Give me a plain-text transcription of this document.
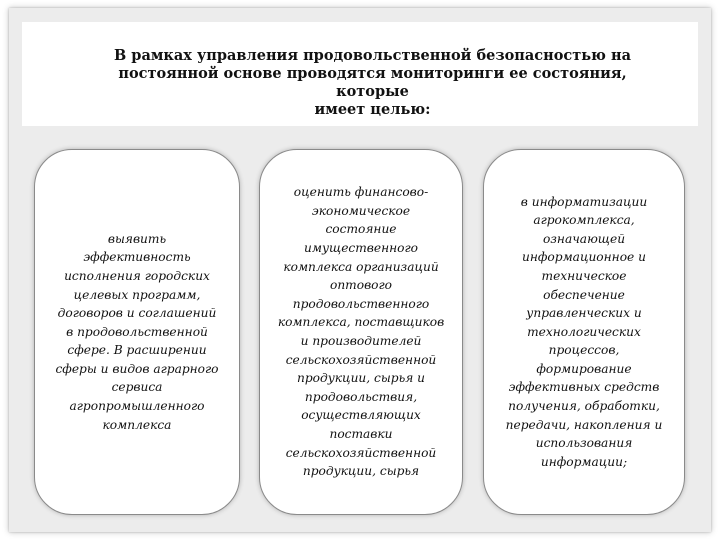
В рамках управления продовольственной безопасностью на
постоянной основе проводятся мониторинги ее состояния, которые
имеет целью:

выявить
эффективность
исполнения городских
целевых программ,
договоров и соглашений
в продовольственной
сфере. В расширении
сферы и видов аграрного
сервиса
агропромышленного
комплекса

оценить финансово-
экономическое
состояние
имущественного
комплекса организаций
оптового
продовольственного
комплекса, поставщиков
и производителей
сельскохозяйственной
продукции, сырья и
продовольствия,
осуществляющих
поставки
сельскохозяйственной
продукции, сырья

в информатизации
агрокомплекса,
означающей
информационное и
техническое
обеспечение
управленческих и
технологических
процессов,
формирование
эффективных средств
получения, обработки,
передачи, накопления и
использования
информации;
